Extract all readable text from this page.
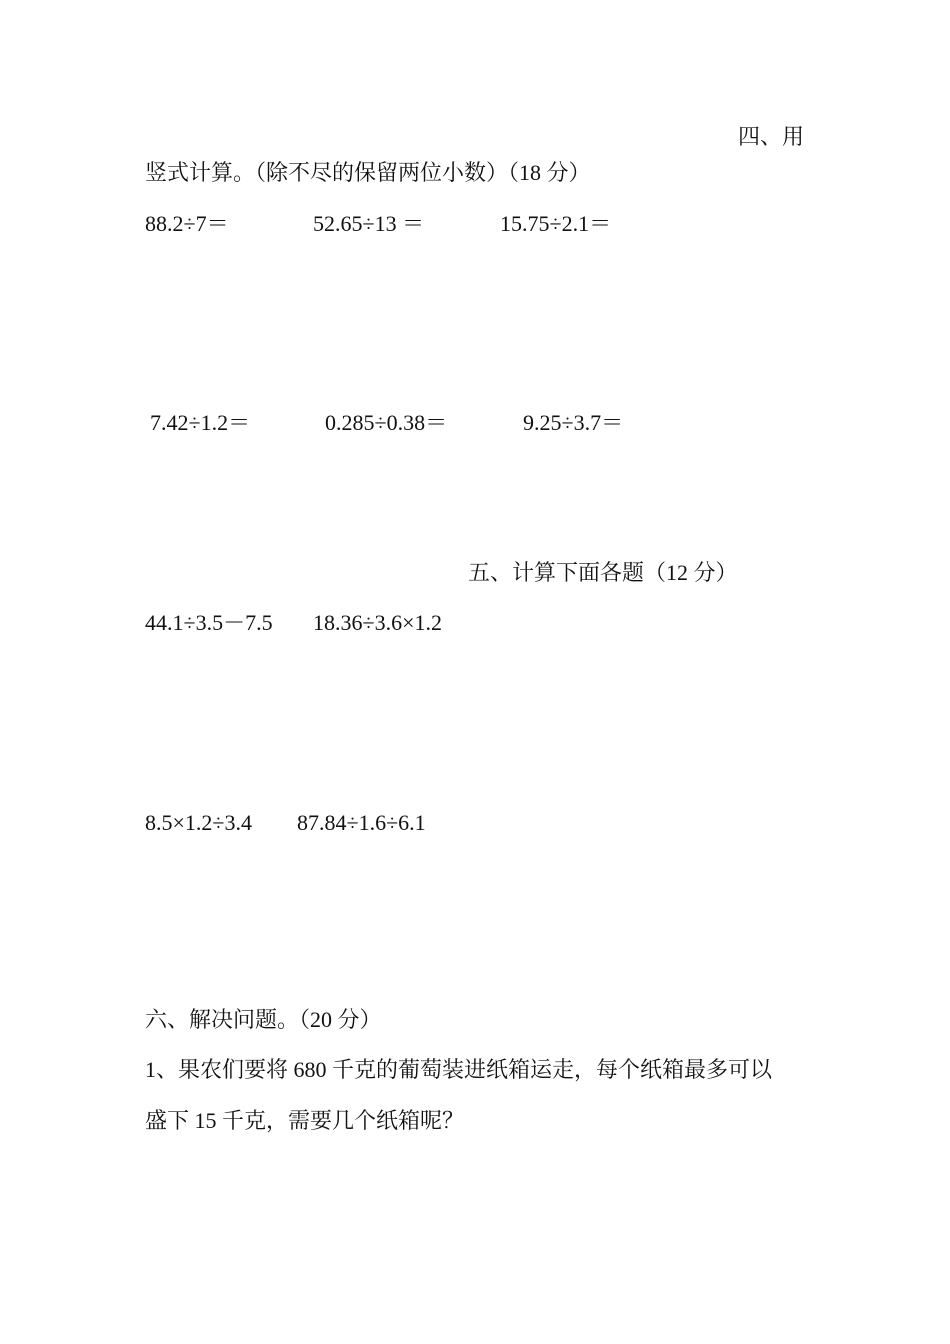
四、用
竖式计算。（除不尽的保留两位小数）（18 分）
88.2÷7＝	52.65÷13 ＝	15.75÷2.1＝
7.42÷1.2＝	0.285÷0.38＝	9.25÷3.7＝
五、计算下面各题（12 分）
44.1÷3.5－7.5 18.36÷3.6×1.2
8.5×1.2÷3.4 87.84÷1.6÷6.1
六、解决问题。（20 分）
1、果农们要将 680 千克的葡萄装进纸箱运走，每个纸箱最多可以
盛下 15 千克，需要几个纸箱呢？
